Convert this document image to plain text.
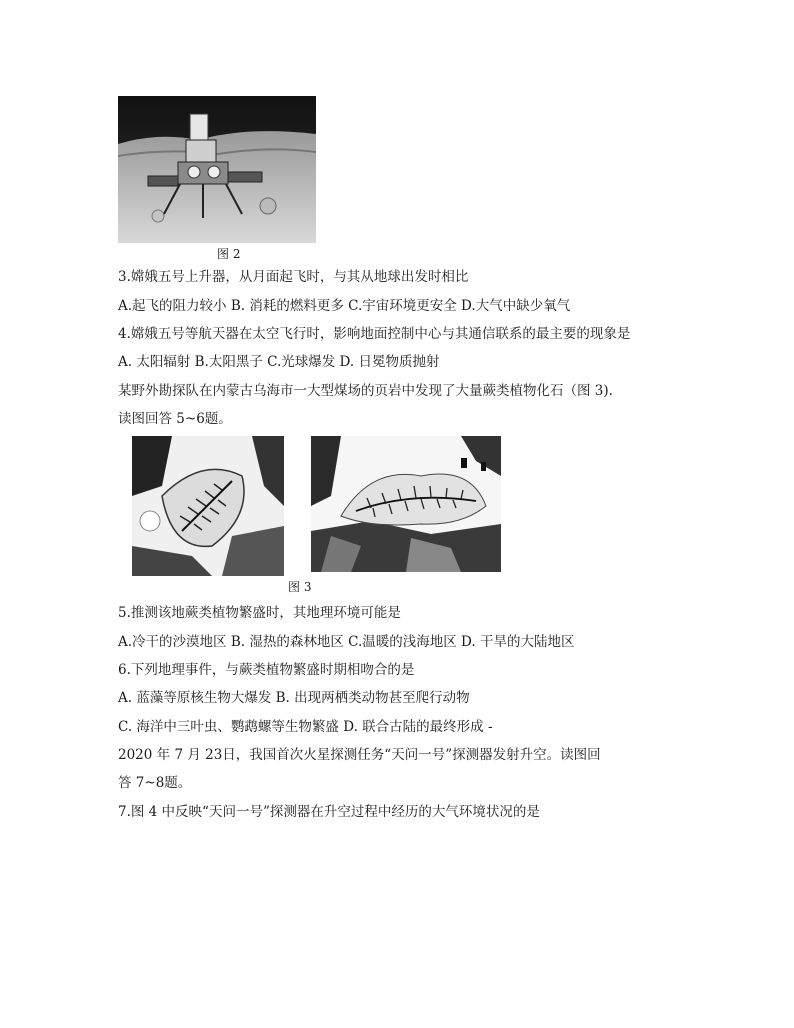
图 2
3.嫦娥五号上升器，从月面起飞时，与其从地球出发时相比
A.起飞的阻力较小 B. 消耗的燃料更多 C.宇宙环境更安全 D.大气中缺少氧气
4.嫦娥五号等航天器在太空飞行时，影响地面控制中心与其通信联系的最主要的现象是
A. 太阳辐射 B.太阳黑子 C.光球爆发 D. 日冕物质抛射
某野外勘探队在内蒙古乌海市一大型煤场的页岩中发现了大量蕨类植物化石（图 3).
读图回答 5~6题。
图 3
5.推测该地蕨类植物繁盛时，其地理环境可能是
A.冷干的沙漠地区 B. 湿热的森林地区 C.温暖的浅海地区 D. 干旱的大陆地区
6.下列地理事件，与蕨类植物繁盛时期相吻合的是
A. 蓝藻等原核生物大爆发 B. 出现两栖类动物甚至爬行动物
C. 海洋中三叶虫、鹦鹉螺等生物繁盛 D. 联合古陆的最终形成 -
2020 年 7 月 23日，我国首次火星探测任务“天问一号”探测器发射升空。读图回
答 7~8题。
7.图 4 中反映“天问一号”探测器在升空过程中经历的大气环境状况的是
